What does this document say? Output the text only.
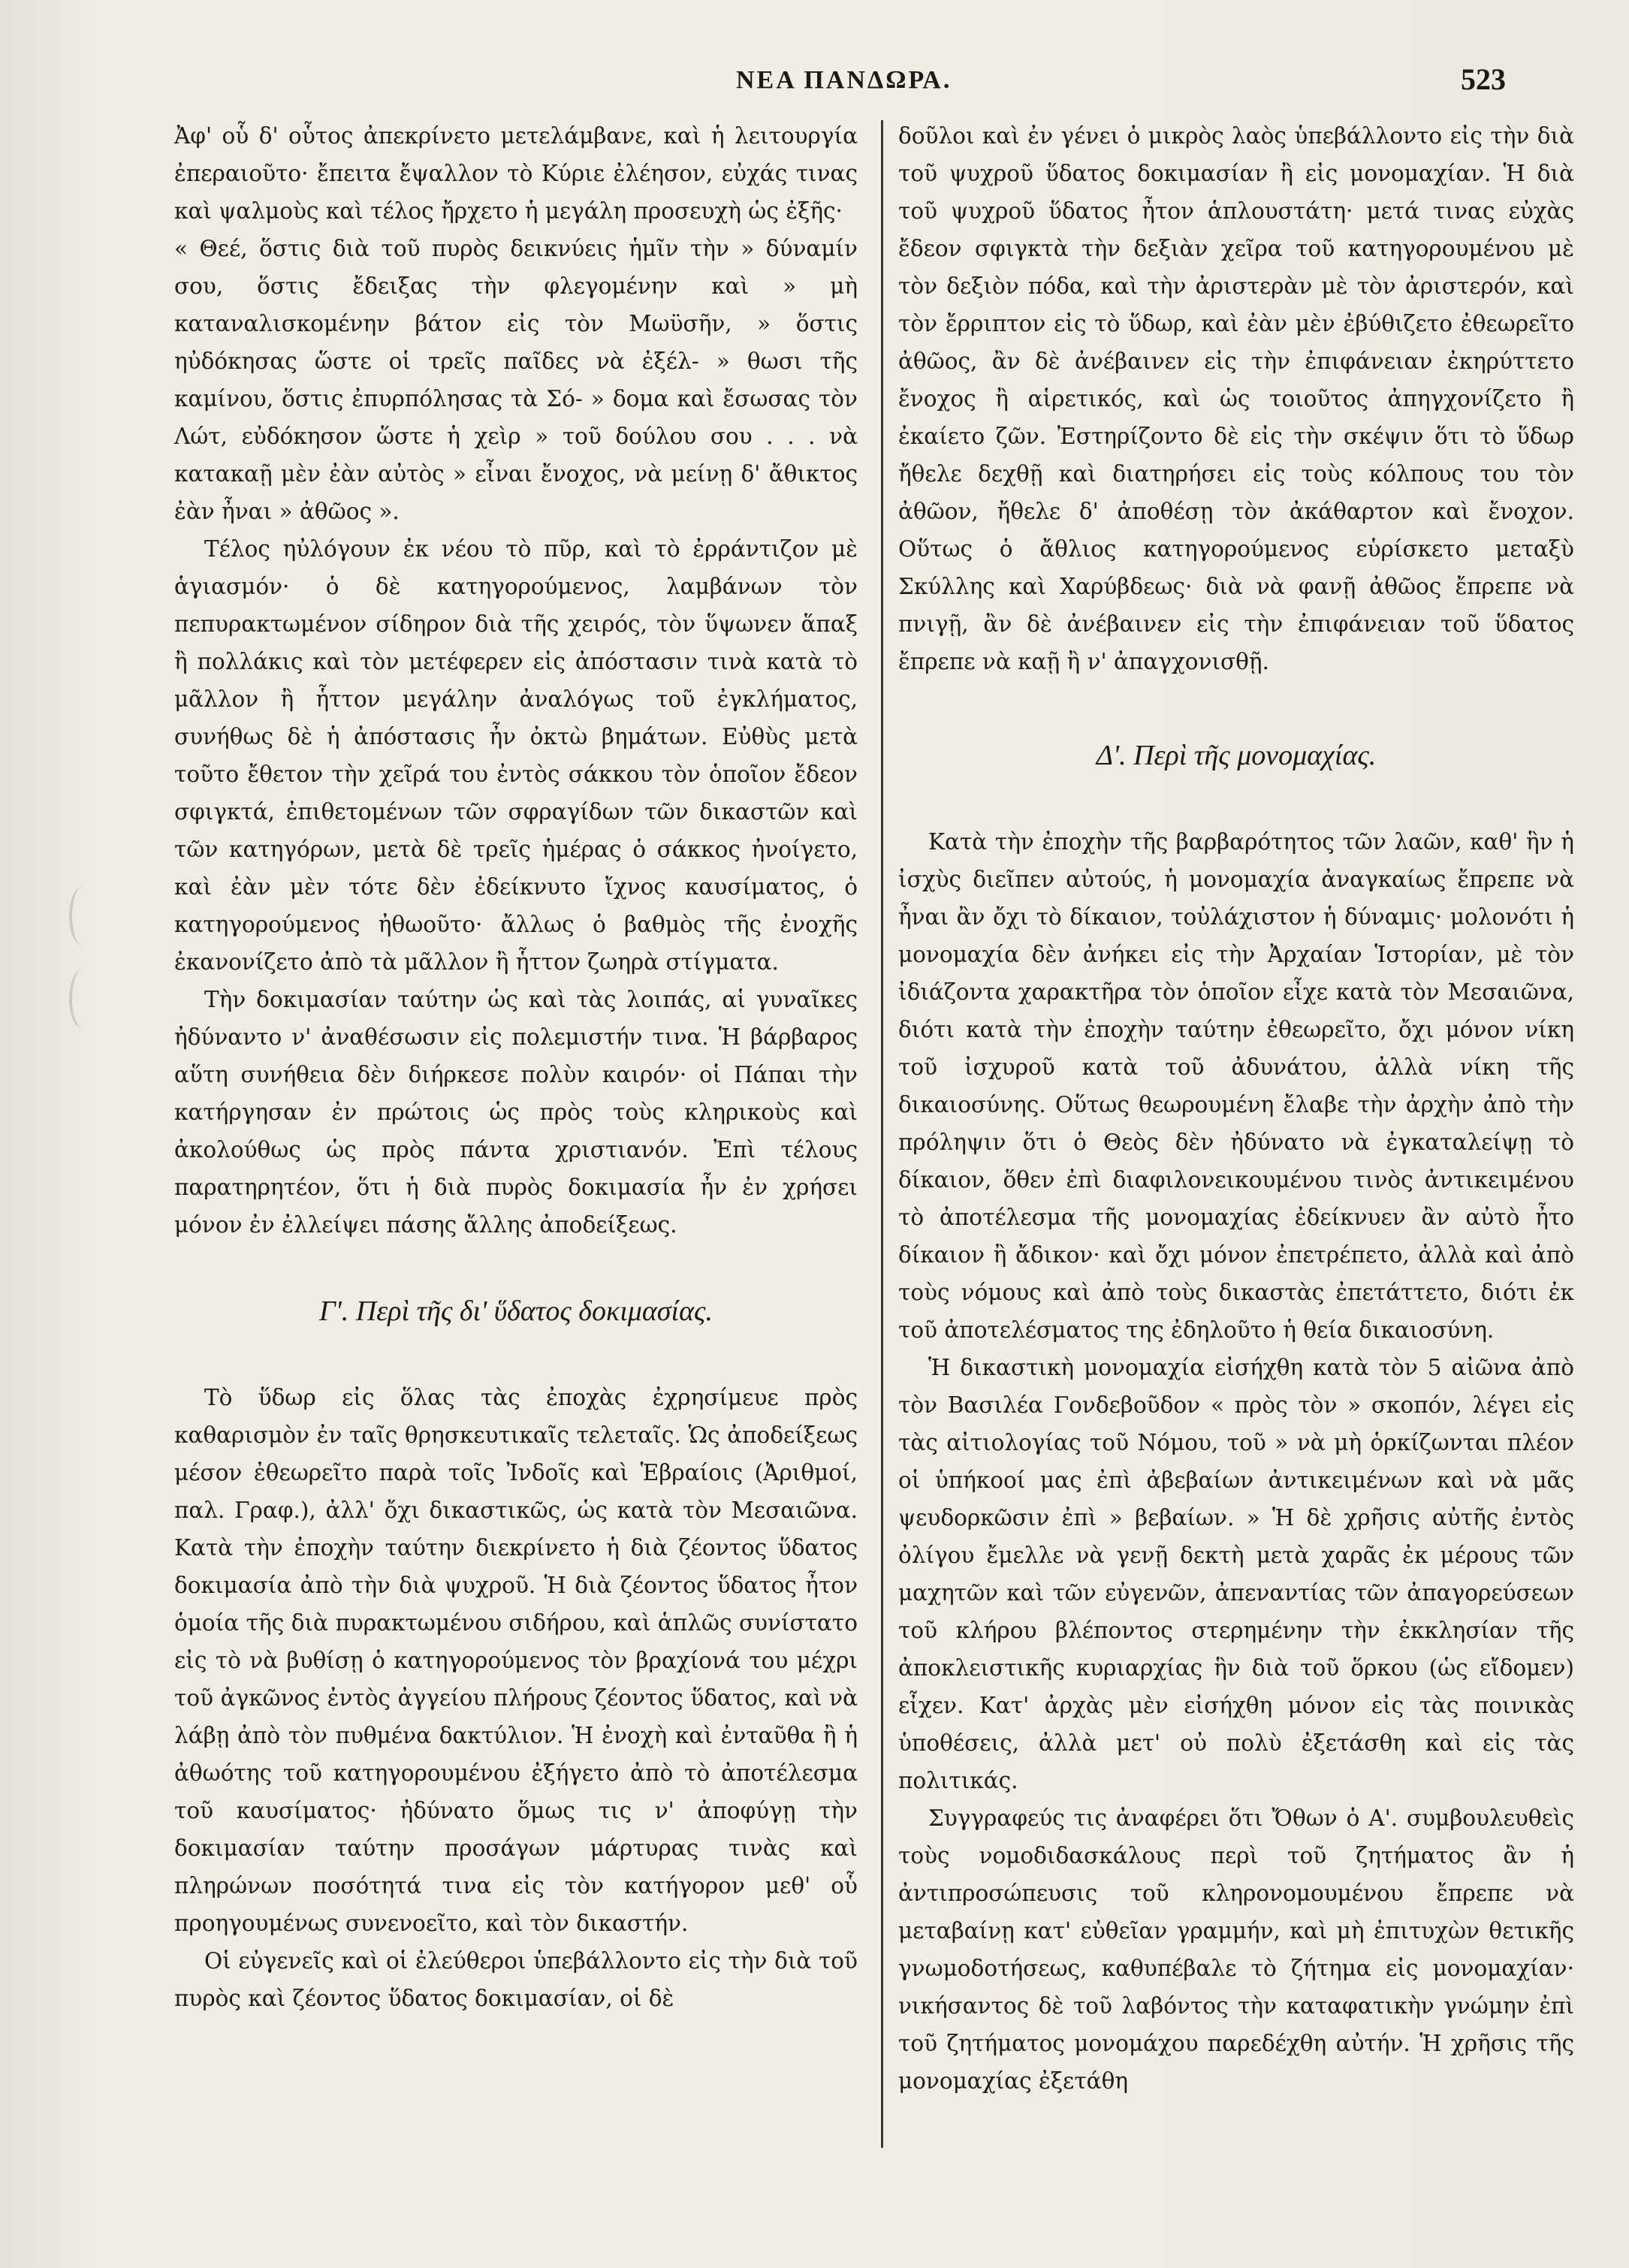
ΝΕΑ ΠΑΝΔΩΡΑ.	523

Ἀφ' οὗ δ' οὗτος ἀπεκρίνετο μετελάμβανε, καὶ ἡ λειτουργία ἐπεραιοῦτο· ἔπειτα ἔψαλλον τὸ Κύριε ἐλέησον, εὐχάς τινας καὶ ψαλμοὺς καὶ τέλος ἤρχετο ἡ μεγάλη προσευχὴ ὡς ἐξῆς·

« Θεέ, ὅστις διὰ τοῦ πυρὸς δεικνύεις ἡμῖν τὴν » δύναμίν σου, ὅστις ἔδειξας τὴν φλεγομένην καὶ » μὴ καταναλισκομένην βάτον εἰς τὸν Μωϋσῆν, » ὅστις ηὐδόκησας ὥστε οἱ τρεῖς παῖδες νὰ ἐξέλ- » θωσι τῆς καμίνου, ὅστις ἐπυρπόλησας τὰ Σό- » δομα καὶ ἔσωσας τὸν Λώτ, εὐδόκησον ὥστε ἡ χεὶρ » τοῦ δούλου σου . . . νὰ κατακαῇ μὲν ἐὰν αὐτὸς » εἶναι ἔνοχος, νὰ μείνῃ δ' ἄθικτος ἐὰν ἦναι » ἀθῶος ».

Τέλος ηὐλόγουν ἐκ νέου τὸ πῦρ, καὶ τὸ ἐρράντιζον μὲ ἁγιασμόν· ὁ δὲ κατηγορούμενος, λαμβάνων τὸν πεπυρακτωμένον σίδηρον διὰ τῆς χειρός, τὸν ὕψωνεν ἅπαξ ἢ πολλάκις καὶ τὸν μετέφερεν εἰς ἀπόστασιν τινὰ κατὰ τὸ μᾶλλον ἢ ἧττον μεγάλην ἀναλόγως τοῦ ἐγκλήματος, συνήθως δὲ ἡ ἀπόστασις ἦν ὀκτὼ βημάτων. Εὐθὺς μετὰ τοῦτο ἔθετον τὴν χεῖρά του ἐντὸς σάκκου τὸν ὁποῖον ἔδεον σφιγκτά, ἐπιθετομένων τῶν σφραγίδων τῶν δικαστῶν καὶ τῶν κατηγόρων, μετὰ δὲ τρεῖς ἡμέρας ὁ σάκκος ἠνοίγετο, καὶ ἐὰν μὲν τότε δὲν ἐδείκνυτο ἴχνος καυσίματος, ὁ κατηγορούμενος ἠθωοῦτο· ἄλλως ὁ βαθμὸς τῆς ἐνοχῆς ἐκανονίζετο ἀπὸ τὰ μᾶλλον ἢ ἧττον ζωηρὰ στίγματα.

Τὴν δοκιμασίαν ταύτην ὡς καὶ τὰς λοιπάς, αἱ γυναῖκες ἠδύναντο ν' ἀναθέσωσιν εἰς πολεμιστήν τινα. Ἡ βάρβαρος αὕτη συνήθεια δὲν διήρκεσε πολὺν καιρόν· οἱ Πάπαι τὴν κατήργησαν ἐν πρώτοις ὡς πρὸς τοὺς κληρικοὺς καὶ ἀκολούθως ὡς πρὸς πάντα χριστιανόν. Ἐπὶ τέλους παρατηρητέον, ὅτι ἡ διὰ πυρὸς δοκιμασία ἦν ἐν χρήσει μόνον ἐν ἐλλείψει πάσης ἄλλης ἀποδείξεως.

Γ'. Περὶ τῆς δι' ὕδατος δοκιμασίας.

Τὸ ὕδωρ εἰς ὅλας τὰς ἐποχὰς ἐχρησίμευε πρὸς καθαρισμὸν ἐν ταῖς θρησκευτικαῖς τελεταῖς. Ὡς ἀποδείξεως μέσον ἐθεωρεῖτο παρὰ τοῖς Ἰνδοῖς καὶ Ἑβραίοις (Ἀριθμοί, παλ. Γραφ.), ἀλλ' ὄχι δικαστικῶς, ὡς κατὰ τὸν Μεσαιῶνα. Κατὰ τὴν ἐποχὴν ταύτην διεκρίνετο ἡ διὰ ζέοντος ὕδατος δοκιμασία ἀπὸ τὴν διὰ ψυχροῦ. Ἡ διὰ ζέοντος ὕδατος ἦτον ὁμοία τῆς διὰ πυρακτωμένου σιδήρου, καὶ ἁπλῶς συνίστατο εἰς τὸ νὰ βυθίσῃ ὁ κατηγορούμενος τὸν βραχίονά του μέχρι τοῦ ἀγκῶνος ἐντὸς ἀγγείου πλήρους ζέοντος ὕδατος, καὶ νὰ λάβῃ ἀπὸ τὸν πυθμένα δακτύλιον. Ἡ ἐνοχὴ καὶ ἐνταῦθα ἢ ἡ ἀθωότης τοῦ κατηγορουμένου ἐξήγετο ἀπὸ τὸ ἀποτέλεσμα τοῦ καυσίματος· ἠδύνατο ὅμως τις ν' ἀποφύγῃ τὴν δοκιμασίαν ταύτην προσάγων μάρτυρας τινὰς καὶ πληρώνων ποσότητά τινα εἰς τὸν κατήγορον μεθ' οὗ προηγουμένως συνενοεῖτο, καὶ τὸν δικαστήν.

Οἱ εὐγενεῖς καὶ οἱ ἐλεύθεροι ὑπεβάλλοντο εἰς τὴν διὰ τοῦ πυρὸς καὶ ζέοντος ὕδατος δοκιμασίαν, οἱ δὲ

δοῦλοι καὶ ἐν γένει ὁ μικρὸς λαὸς ὑπεβάλλοντο εἰς τὴν διὰ τοῦ ψυχροῦ ὕδατος δοκιμασίαν ἢ εἰς μονομαχίαν. Ἡ διὰ τοῦ ψυχροῦ ὕδατος ἦτον ἁπλουστάτη· μετά τινας εὐχὰς ἔδεον σφιγκτὰ τὴν δεξιὰν χεῖρα τοῦ κατηγορουμένου μὲ τὸν δεξιὸν πόδα, καὶ τὴν ἀριστερὰν μὲ τὸν ἀριστερόν, καὶ τὸν ἔρριπτον εἰς τὸ ὕδωρ, καὶ ἐὰν μὲν ἐβύθιζετο ἐθεωρεῖτο ἀθῶος, ἂν δὲ ἀνέβαινεν εἰς τὴν ἐπιφάνειαν ἐκηρύττετο ἔνοχος ἢ αἱρετικός, καὶ ὡς τοιοῦτος ἀπηγχονίζετο ἢ ἐκαίετο ζῶν. Ἐστηρίζοντο δὲ εἰς τὴν σκέψιν ὅτι τὸ ὕδωρ ἤθελε δεχθῇ καὶ διατηρήσει εἰς τοὺς κόλπους του τὸν ἀθῶον, ἤθελε δ' ἀποθέσῃ τὸν ἀκάθαρτον καὶ ἔνοχον. Οὕτως ὁ ἄθλιος κατηγορούμενος εὑρίσκετο μεταξὺ Σκύλλης καὶ Χαρύβδεως· διὰ νὰ φανῇ ἀθῶος ἔπρεπε νὰ πνιγῇ, ἂν δὲ ἀνέβαινεν εἰς τὴν ἐπιφάνειαν τοῦ ὕδατος ἔπρεπε νὰ καῇ ἢ ν' ἀπαγχονισθῇ.

Δ'. Περὶ τῆς μονομαχίας.

Κατὰ τὴν ἐποχὴν τῆς βαρβαρότητος τῶν λαῶν, καθ' ἣν ἡ ἰσχὺς διεῖπεν αὐτούς, ἡ μονομαχία ἀναγκαίως ἔπρεπε νὰ ἦναι ἂν ὄχι τὸ δίκαιον, τοὐλάχιστον ἡ δύναμις· μολονότι ἡ μονομαχία δὲν ἀνήκει εἰς τὴν Ἀρχαίαν Ἱστορίαν, μὲ τὸν ἰδιάζοντα χαρακτῆρα τὸν ὁποῖον εἶχε κατὰ τὸν Μεσαιῶνα, διότι κατὰ τὴν ἐποχὴν ταύτην ἐθεωρεῖτο, ὄχι μόνον νίκη τοῦ ἰσχυροῦ κατὰ τοῦ ἀδυνάτου, ἀλλὰ νίκη τῆς δικαιοσύνης. Οὕτως θεωρουμένη ἔλαβε τὴν ἀρχὴν ἀπὸ τὴν πρόληψιν ὅτι ὁ Θεὸς δὲν ἠδύνατο νὰ ἐγκαταλείψῃ τὸ δίκαιον, ὅθεν ἐπὶ διαφιλονεικουμένου τινὸς ἀντικειμένου τὸ ἀποτέλεσμα τῆς μονομαχίας ἐδείκνυεν ἂν αὐτὸ ἦτο δίκαιον ἢ ἄδικον· καὶ ὄχι μόνον ἐπετρέπετο, ἀλλὰ καὶ ἀπὸ τοὺς νόμους καὶ ἀπὸ τοὺς δικαστὰς ἐπετάττετο, διότι ἐκ τοῦ ἀποτελέσματος της ἐδηλοῦτο ἡ θεία δικαιοσύνη.

Ἡ δικαστικὴ μονομαχία εἰσήχθη κατὰ τὸν 5 αἰῶνα ἀπὸ τὸν Βασιλέα Γονδεβοῦδον « πρὸς τὸν » σκοπόν, λέγει εἰς τὰς αἰτιολογίας τοῦ Νόμου, τοῦ » νὰ μὴ ὁρκίζωνται πλέον οἱ ὑπήκοοί μας ἐπὶ ἀβεβαίων ἀντικειμένων καὶ νὰ μᾶς ψευδορκῶσιν ἐπὶ » βεβαίων. » Ἡ δὲ χρῆσις αὐτῆς ἐντὸς ὀλίγου ἔμελλε νὰ γενῇ δεκτὴ μετὰ χαρᾶς ἐκ μέρους τῶν μαχητῶν καὶ τῶν εὐγενῶν, ἀπεναντίας τῶν ἀπαγορεύσεων τοῦ κλήρου βλέποντος στερημένην τὴν ἐκκλησίαν τῆς ἀποκλειστικῆς κυριαρχίας ἣν διὰ τοῦ ὅρκου (ὡς εἴδομεν) εἶχεν. Κατ' ἀρχὰς μὲν εἰσήχθη μόνον εἰς τὰς ποινικὰς ὑποθέσεις, ἀλλὰ μετ' οὐ πολὺ ἐξετάσθη καὶ εἰς τὰς πολιτικάς.

Συγγραφεύς τις ἀναφέρει ὅτι Ὄθων ὁ Α'. συμβουλευθεὶς τοὺς νομοδιδασκάλους περὶ τοῦ ζητήματος ἂν ἡ ἀντιπροσώπευσις τοῦ κληρονομουμένου ἔπρεπε νὰ μεταβαίνῃ κατ' εὐθεῖαν γραμμήν, καὶ μὴ ἐπιτυχὼν θετικῆς γνωμοδοτήσεως, καθυπέβαλε τὸ ζήτημα εἰς μονομαχίαν· νικήσαντος δὲ τοῦ λαβόντος τὴν καταφατικὴν γνώμην ἐπὶ τοῦ ζητήματος μονομάχου παρεδέχθη αὐτήν. Ἡ χρῆσις τῆς μονομαχίας ἐξετάθη
